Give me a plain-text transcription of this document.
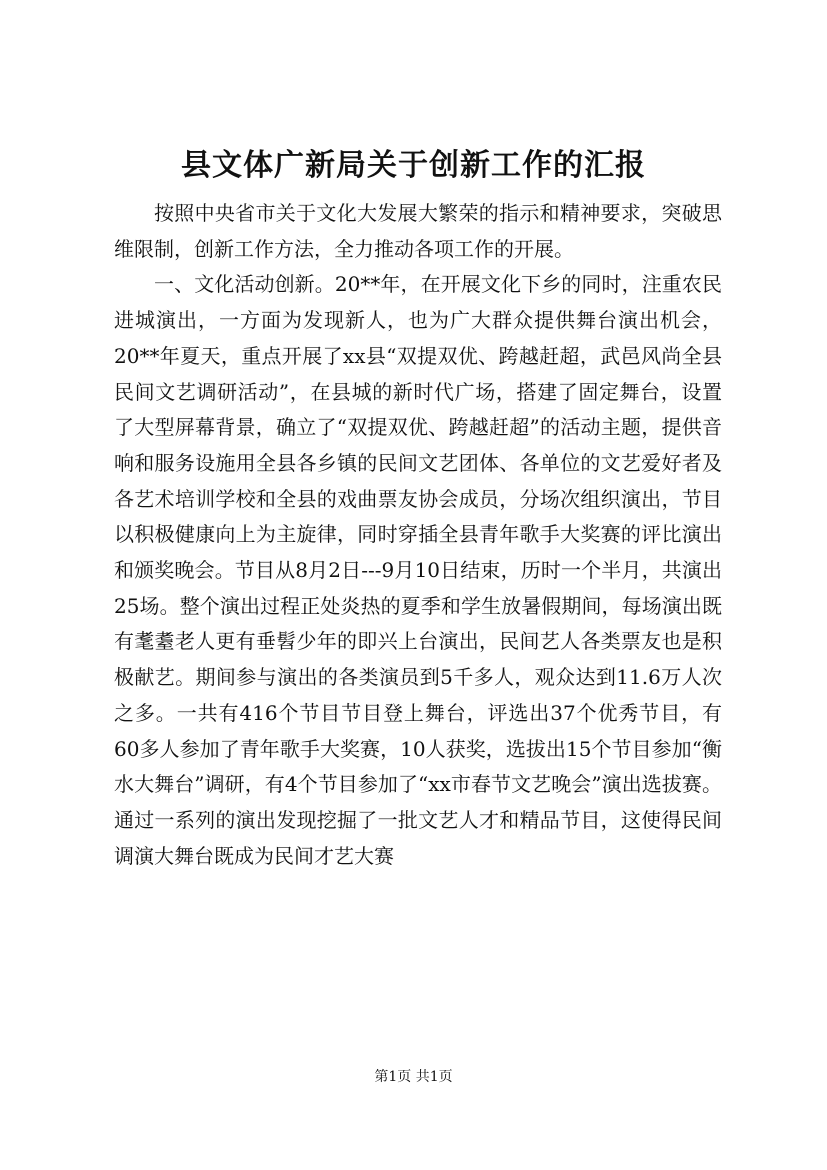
县文体广新局关于创新工作的汇报

按照中央省市关于文化大发展大繁荣的指示和精神要求，突破思维限制，创新工作方法，全力推动各项工作的开展。

一、文化活动创新。20**年，在开展文化下乡的同时，注重农民进城演出，一方面为发现新人，也为广大群众提供舞台演出机会，20**年夏天，重点开展了xx县“双提双优、跨越赶超，武邑风尚全县民间文艺调研活动”，在县城的新时代广场，搭建了固定舞台，设置了大型屏幕背景，确立了“双提双优、跨越赶超”的活动主题，提供音响和服务设施用全县各乡镇的民间文艺团体、各单位的文艺爱好者及各艺术培训学校和全县的戏曲票友协会成员，分场次组织演出，节目以积极健康向上为主旋律，同时穿插全县青年歌手大奖赛的评比演出和颁奖晚会。节目从8月2日---9月10日结束，历时一个半月，共演出25场。整个演出过程正处炎热的夏季和学生放暑假期间，每场演出既有耄耋老人更有垂髫少年的即兴上台演出，民间艺人各类票友也是积极献艺。期间参与演出的各类演员到5千多人，观众达到11.6万人次之多。一共有416个节目节目登上舞台，评选出37个优秀节目，有60多人参加了青年歌手大奖赛，10人获奖，选拔出15个节目参加“衡水大舞台”调研，有4个节目参加了“xx市春节文艺晚会”演出选拔赛。通过一系列的演出发现挖掘了一批文艺人才和精品节目，这使得民间调演大舞台既成为民间才艺大赛

第1页 共1页
